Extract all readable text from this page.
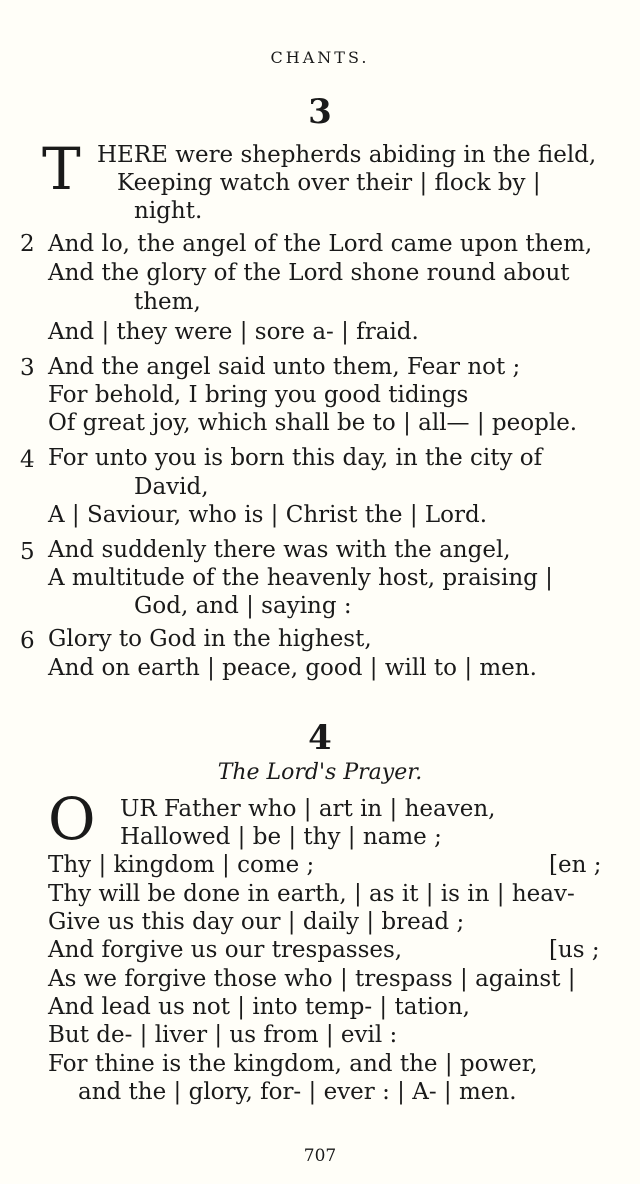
CHANTS.
3
T HERE were shepherds abiding in the field,
Keeping watch over their | flock by |
night.
2 And lo, the angel of the Lord came upon them,
And the glory of the Lord shone round about
them,
And | they were | sore a- | fraid.
3 And the angel said unto them, Fear not ;
For behold, I bring you good tidings
Of great joy, which shall be to | all— | people.
4 For unto you is born this day, in the city of
David,
A | Saviour, who is | Christ the | Lord.
5 And suddenly there was with the angel,
A multitude of the heavenly host, praising |
God, and | saying :
6 Glory to God in the highest,
And on earth | peace, good | will to | men.
4
The Lord's Prayer.
O UR Father who | art in | heaven,
Hallowed | be | thy | name ;
Thy | kingdom | come ;	[en ;
Thy will be done in earth, | as it | is in | heav-
Give us this day our | daily | bread ;
And forgive us our trespasses,	[us ;
As we forgive those who | trespass | against |
And lead us not | into temp- | tation,
But de- | liver | us from | evil :
For thine is the kingdom, and the | power,
and the | glory, for- | ever : | A- | men.
707
